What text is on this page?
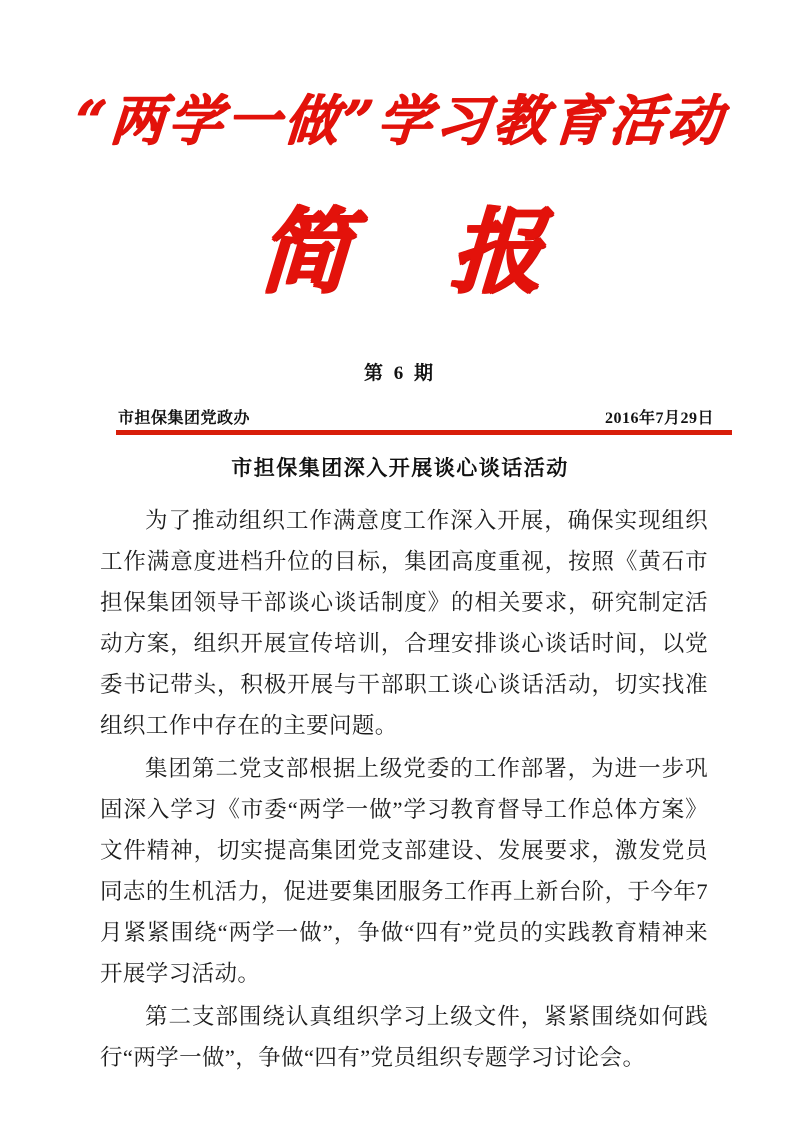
“两学一做”学习教育活动
简 报
第 6 期
市担保集团党政办	2016年7月29日
市担保集团深入开展谈心谈话活动

为了推动组织工作满意度工作深入开展，确保实现组织工作满意度进档升位的目标，集团高度重视，按照《黄石市担保集团领导干部谈心谈话制度》的相关要求，研究制定活动方案，组织开展宣传培训，合理安排谈心谈话时间，以党委书记带头，积极开展与干部职工谈心谈话活动，切实找准组织工作中存在的主要问题。

集团第二党支部根据上级党委的工作部署，为进一步巩固深入学习《市委“两学一做”学习教育督导工作总体方案》文件精神，切实提高集团党支部建设、发展要求，激发党员同志的生机活力，促进要集团服务工作再上新台阶，于今年7月紧紧围绕“两学一做”，争做“四有”党员的实践教育精神来开展学习活动。

第二支部围绕认真组织学习上级文件，紧紧围绕如何践行“两学一做”，争做“四有”党员组织专题学习讨论会。
